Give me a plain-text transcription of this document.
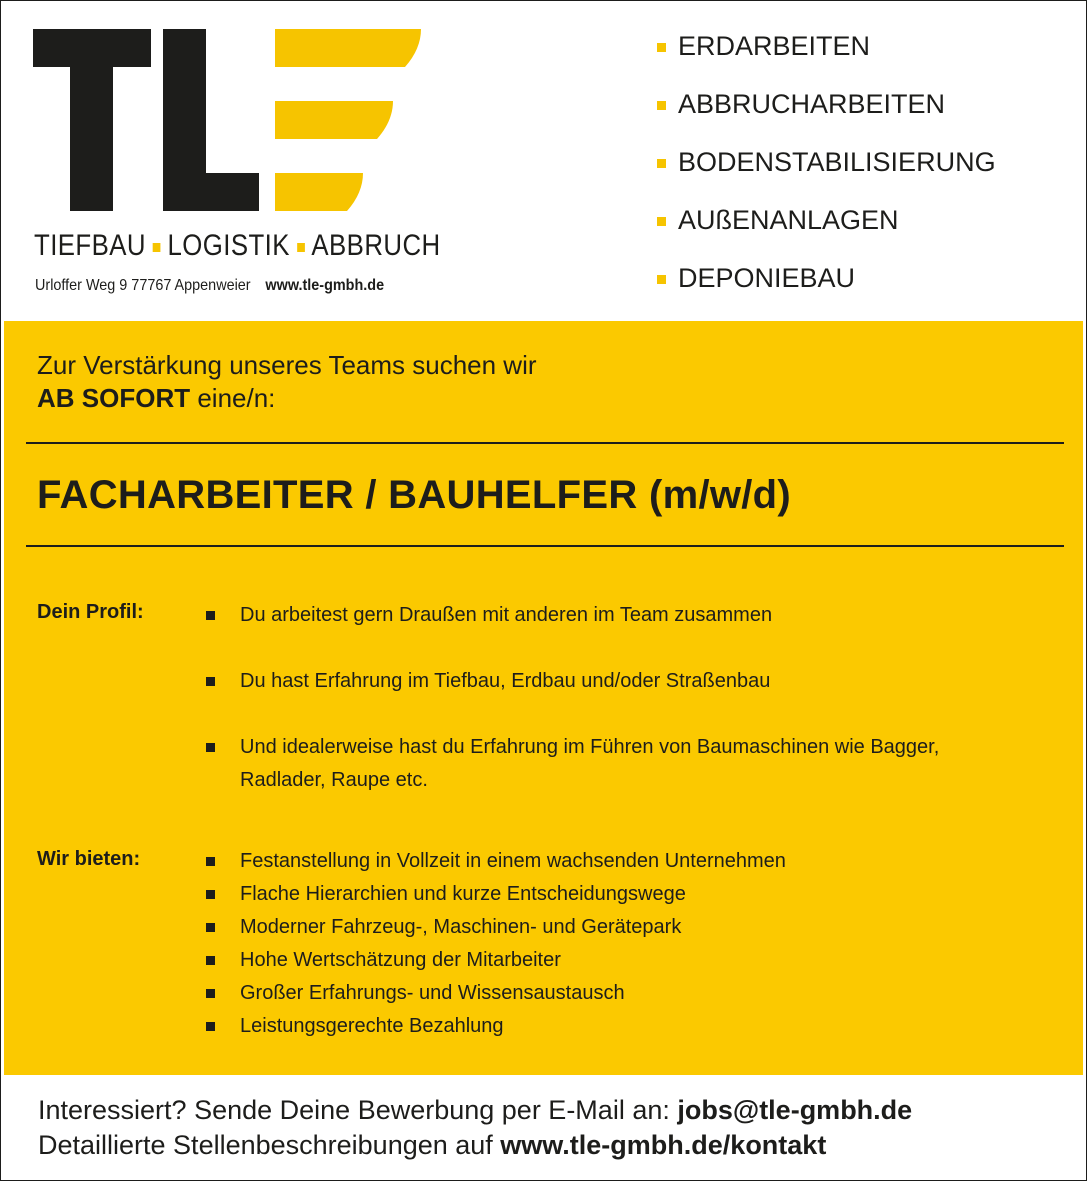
TIEFBAU LOGISTIK ABBRUCH
Urloffer Weg 9 77767 Appenweier www.tle-gmbh.de
ERDARBEITEN
ABBRUCHARBEITEN
BODENSTABILISIERUNG
AUßENANLAGEN
DEPONIEBAU
Zur Verstärkung unseres Teams suchen wir
AB SOFORT eine/n:
FACHARBEITER / BAUHELFER (m/w/d)
Dein Profil:	Du arbeitest gern Draußen mit anderen im Team zusammen
Du hast Erfahrung im Tiefbau, Erdbau und/oder Straßenbau
Und idealerweise hast du Erfahrung im Führen von Baumaschinen wie Bagger, Radlader, Raupe etc.
Wir bieten:	Festanstellung in Vollzeit in einem wachsenden Unternehmen
Flache Hierarchien und kurze Entscheidungswege
Moderner Fahrzeug-, Maschinen- und Gerätepark
Hohe Wertschätzung der Mitarbeiter
Großer Erfahrungs- und Wissensaustausch
Leistungsgerechte Bezahlung
Interessiert? Sende Deine Bewerbung per E-Mail an: jobs@tle-gmbh.de
Detaillierte Stellenbeschreibungen auf www.tle-gmbh.de/kontakt
